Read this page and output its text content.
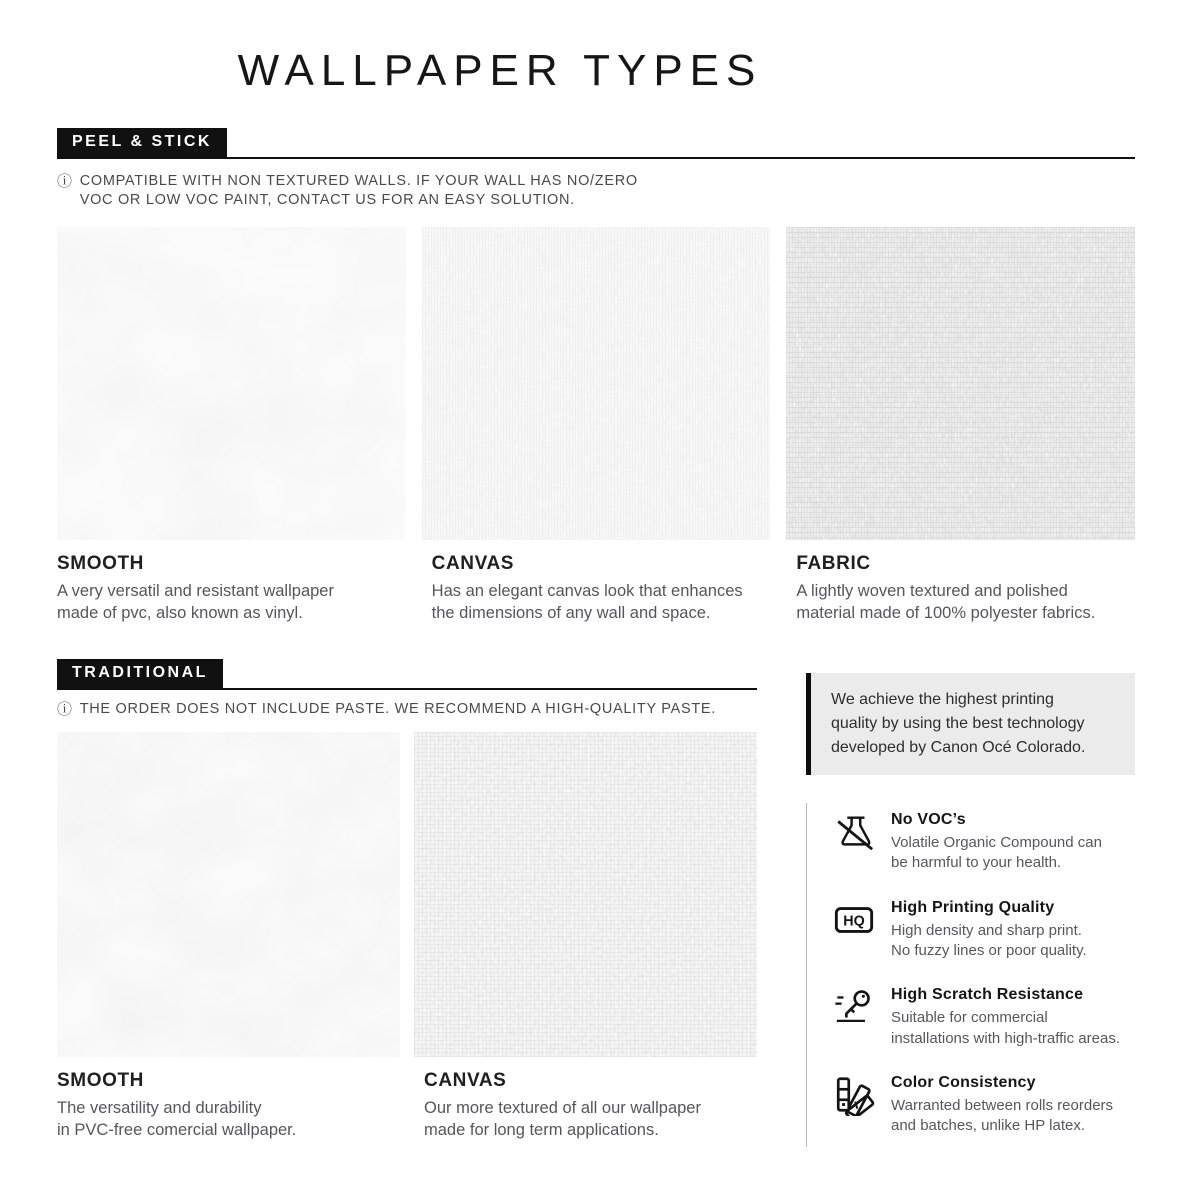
WALLPAPER TYPES
PEEL & STICK
ⓘ COMPATIBLE WITH NON TEXTURED WALLS. IF YOUR WALL HAS NO/ZERO
VOC OR LOW VOC PAINT, CONTACT US FOR AN EASY SOLUTION.
SMOOTH

A very versatil and resistant wallpaper
made of pvc, also known as vinyl.

CANVAS

Has an elegant canvas look that enhances
the dimensions of any wall and space.

FABRIC

A lightly woven textured and polished
material made of 100% polyester fabrics.

TRADITIONAL
ⓘ THE ORDER DOES NOT INCLUDE PASTE. WE RECOMMEND A HIGH-QUALITY PASTE.
SMOOTH

The versatility and durability
in PVC-free comercial wallpaper.

CANVAS

Our more textured of all our wallpaper
made for long term applications.

We achieve the highest printing
quality by using the best technology
developed by Canon Océ Colorado.
No VOC’s

Volatile Organic Compound can
be harmful to your health.

HQ
High Printing Quality

High density and sharp print.
No fuzzy lines or poor quality.

High Scratch Resistance

Suitable for commercial
installations with high-traffic areas.

Color Consistency

Warranted between rolls reorders
and batches, unlike HP latex.
